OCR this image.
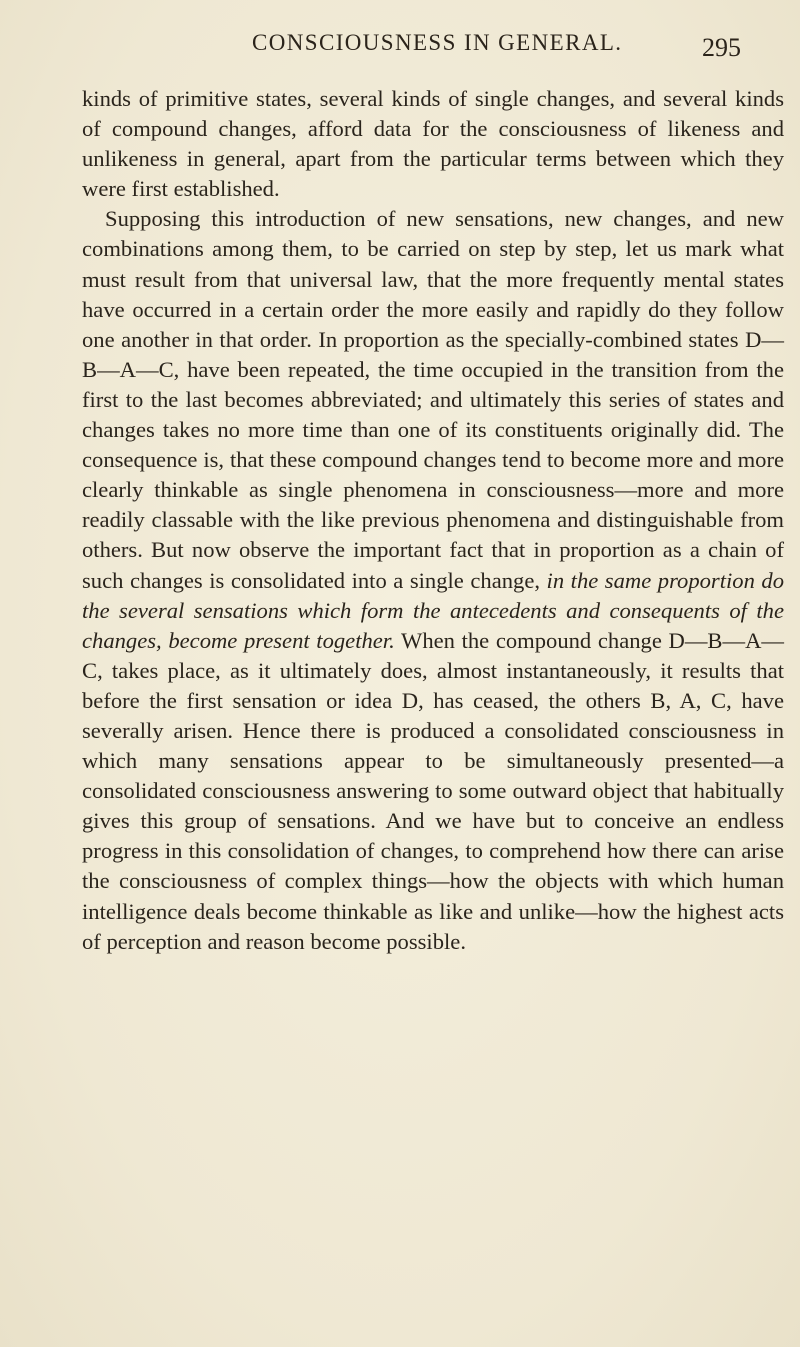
CONSCIOUSNESS IN GENERAL.	295

kinds of primitive states, several kinds of single changes, and several kinds of compound changes, afford data for the consciousness of likeness and unlikeness in general, apart from the particular terms between which they were first established.

Supposing this introduction of new sensations, new changes, and new combinations among them, to be carried on step by step, let us mark what must result from that universal law, that the more frequently mental states have occurred in a certain order the more easily and rapidly do they follow one another in that order. In proportion as the specially-combined states D—B—A—C, have been repeated, the time occupied in the transition from the first to the last becomes abbreviated; and ultimately this series of states and changes takes no more time than one of its constituents originally did. The consequence is, that these compound changes tend to become more and more clearly thinkable as single phenomena in consciousness—more and more readily classable with the like previous phenomena and distinguishable from others. But now observe the important fact that in proportion as a chain of such changes is consolidated into a single change, in the same proportion do the several sensations which form the antecedents and consequents of the changes, become present together. When the compound change D—B—A—C, takes place, as it ultimately does, almost instantaneously, it results that before the first sensation or idea D, has ceased, the others B, A, C, have severally arisen. Hence there is produced a consolidated consciousness in which many sensations appear to be simultaneously presented—a consolidated consciousness answering to some outward object that habitually gives this group of sensations. And we have but to conceive an endless progress in this consolidation of changes, to comprehend how there can arise the consciousness of complex things—how the objects with which human intelligence deals become thinkable as like and unlike—how the highest acts of perception and reason become possible.
